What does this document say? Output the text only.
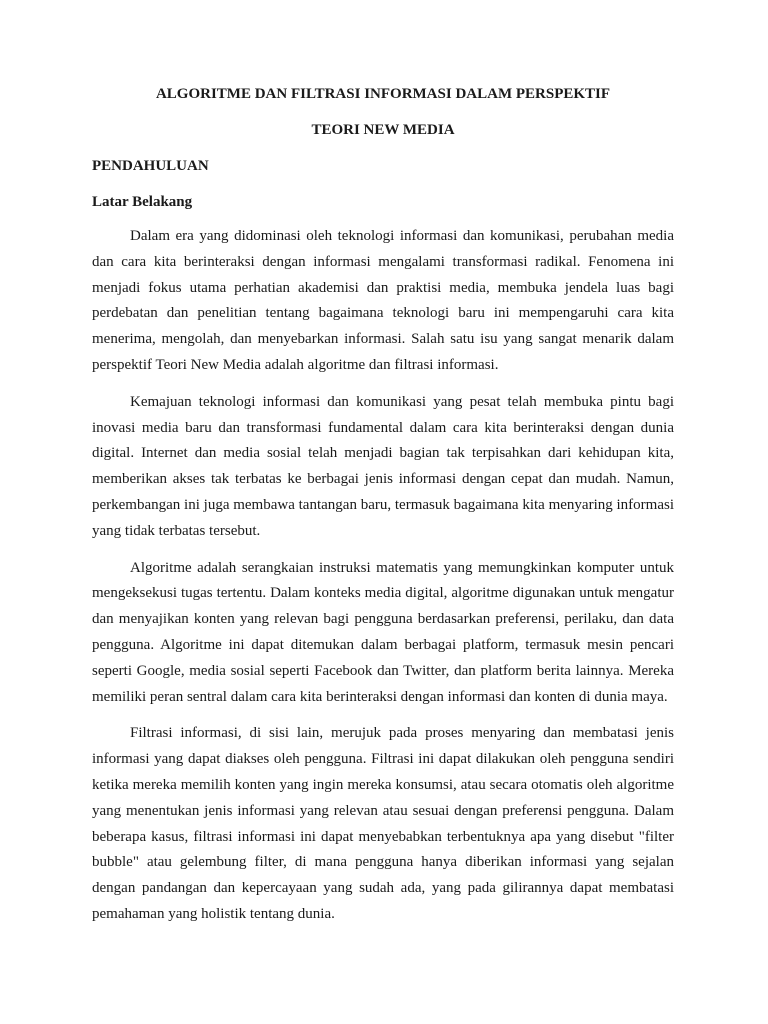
ALGORITME DAN FILTRASI INFORMASI DALAM PERSPEKTIF

TEORI NEW MEDIA

PENDAHULUAN

Latar Belakang

Dalam era yang didominasi oleh teknologi informasi dan komunikasi, perubahan media dan cara kita berinteraksi dengan informasi mengalami transformasi radikal. Fenomena ini menjadi fokus utama perhatian akademisi dan praktisi media, membuka jendela luas bagi perdebatan dan penelitian tentang bagaimana teknologi baru ini mempengaruhi cara kita menerima, mengolah, dan menyebarkan informasi. Salah satu isu yang sangat menarik dalam perspektif Teori New Media adalah algoritme dan filtrasi informasi.

Kemajuan teknologi informasi dan komunikasi yang pesat telah membuka pintu bagi inovasi media baru dan transformasi fundamental dalam cara kita berinteraksi dengan dunia digital. Internet dan media sosial telah menjadi bagian tak terpisahkan dari kehidupan kita, memberikan akses tak terbatas ke berbagai jenis informasi dengan cepat dan mudah. Namun, perkembangan ini juga membawa tantangan baru, termasuk bagaimana kita menyaring informasi yang tidak terbatas tersebut.

Algoritme adalah serangkaian instruksi matematis yang memungkinkan komputer untuk mengeksekusi tugas tertentu. Dalam konteks media digital, algoritme digunakan untuk mengatur dan menyajikan konten yang relevan bagi pengguna berdasarkan preferensi, perilaku, dan data pengguna. Algoritme ini dapat ditemukan dalam berbagai platform, termasuk mesin pencari seperti Google, media sosial seperti Facebook dan Twitter, dan platform berita lainnya. Mereka memiliki peran sentral dalam cara kita berinteraksi dengan informasi dan konten di dunia maya.

Filtrasi informasi, di sisi lain, merujuk pada proses menyaring dan membatasi jenis informasi yang dapat diakses oleh pengguna. Filtrasi ini dapat dilakukan oleh pengguna sendiri ketika mereka memilih konten yang ingin mereka konsumsi, atau secara otomatis oleh algoritme yang menentukan jenis informasi yang relevan atau sesuai dengan preferensi pengguna. Dalam beberapa kasus, filtrasi informasi ini dapat menyebabkan terbentuknya apa yang disebut "filter bubble" atau gelembung filter, di mana pengguna hanya diberikan informasi yang sejalan dengan pandangan dan kepercayaan yang sudah ada, yang pada gilirannya dapat membatasi pemahaman yang holistik tentang dunia.
